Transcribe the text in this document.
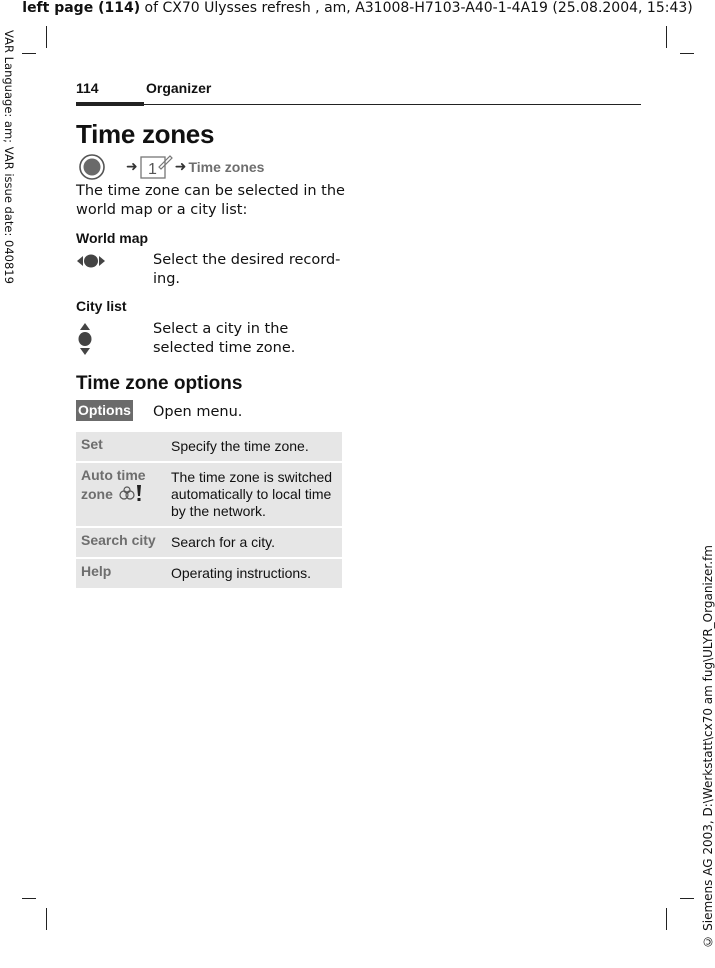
left page (114) of CX70 Ulysses refresh , am, A31008-H7103-A40-1-4A19 (25.08.2004, 15:43)
VAR Language: am; VAR issue date: 040819
© Siemens AG 2003, D:\Werkstatt\cx70 am fug\ULYR_Organizer.fm
114	Organizer
Time zones
➜ 1 ➜ Time zones
The time zone can be selected in the world map or a city list:
World map
Select the desired record-ing.
City list
Select a city in the selected time zone.
Time zone options
Options Open menu.
Set	Specify the time zone.
Auto time zone	The time zone is switched automatically to local time by the network.
Search city	Search for a city.
Help	Operating instructions.
